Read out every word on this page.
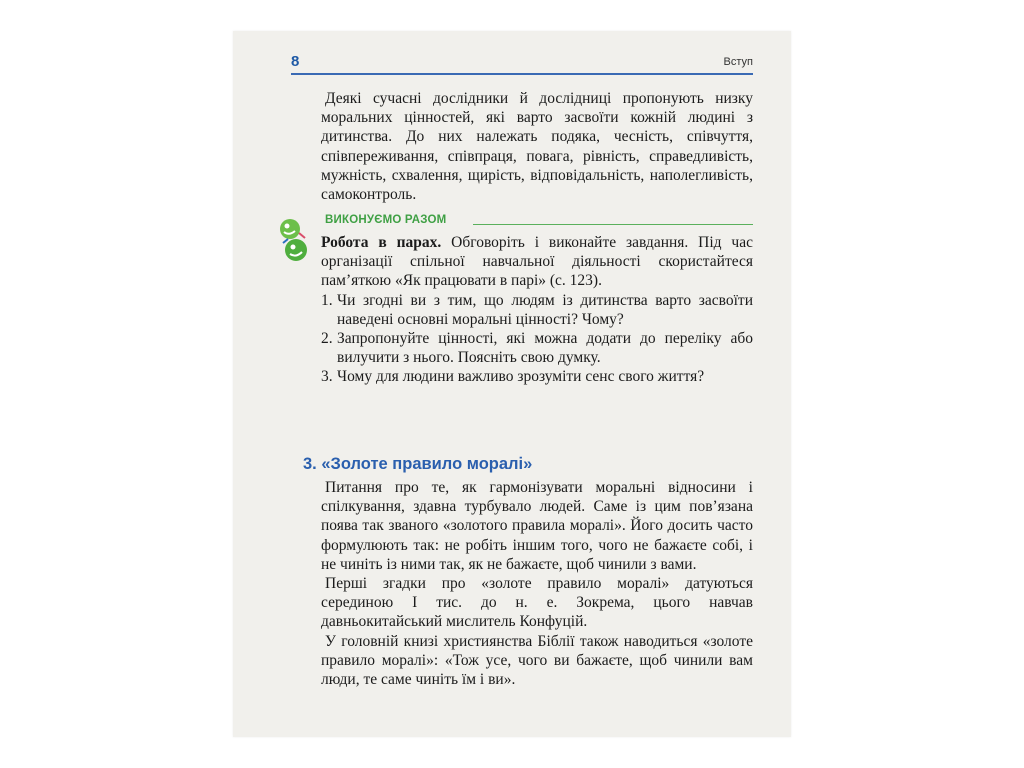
8	Вступ

Деякі сучасні дослідники й дослідниці пропонують низку моральних цінностей, які варто засвоїти кожній людині з дитинства. До них належать подяка, чесність, співчуття, співпереживання, співпраця, повага, рівність, справедливість, мужність, схвалення, щирість, відповідальність, наполегливість, самоконтроль.

ВИКОНУЄМО РАЗОМ

Робота в парах. Обговоріть і виконайте завдання. Під час організації спільної навчальної діяльності скористайтеся пам’яткою «Як працювати в парі» (с. 123).

1. Чи згодні ви з тим, що людям із дитинства варто засвоїти наведені основні моральні цінності? Чому?
2. Запропонуйте цінності, які можна додати до переліку або вилучити з нього. Поясніть свою думку.
3. Чому для людини важливо зрозуміти сенс свого життя?
3. «Золоте правило моралі»

Питання про те, як гармонізувати моральні відносини і спілкування, здавна турбувало людей. Саме із цим пов’язана поява так званого «золотого правила моралі». Його досить часто формулюють так: не робіть іншим того, чого не бажаєте собі, і не чиніть із ними так, як не бажаєте, щоб чинили з вами.

Перші згадки про «золоте правило моралі» датуються серединою І тис. до н. е. Зокрема, цього навчав давньокитайський мислитель Конфуцій.

У головній книзі християнства Біблії також наводиться «золоте правило моралі»: «Тож усе, чого ви бажаєте, щоб чинили вам люди, те саме чиніть їм і ви».
